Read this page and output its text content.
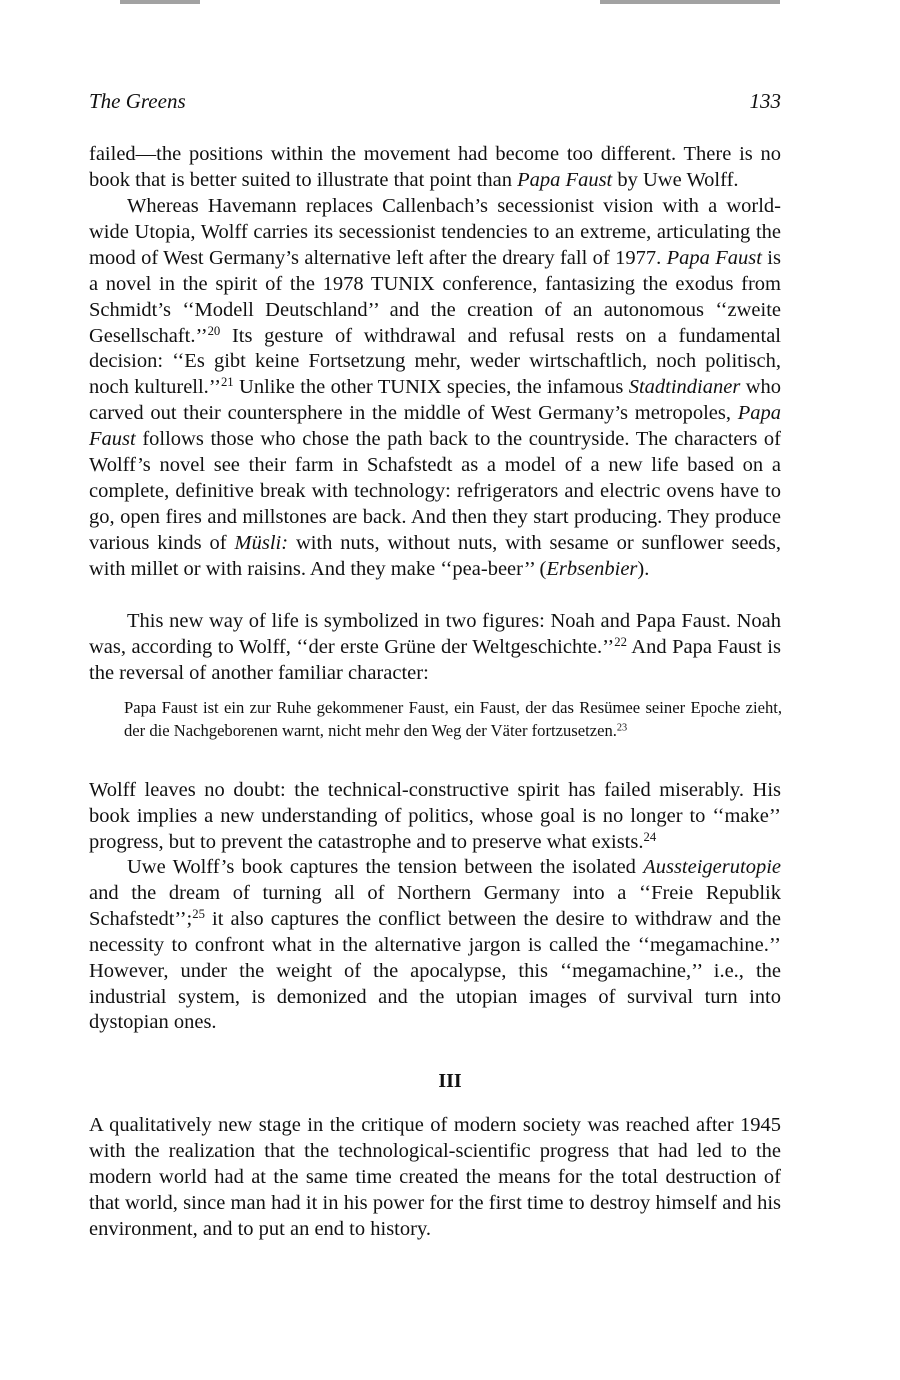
The Greens	133

failed—the positions within the movement had become too different. There is no book that is better suited to illustrate that point than Papa Faust by Uwe Wolff.

Whereas Havemann replaces Callenbach’s secessionist vision with a world-wide Utopia, Wolff carries its secessionist tendencies to an extreme, articulating the mood of West Germany’s alternative left after the dreary fall of 1977. Papa Faust is a novel in the spirit of the 1978 TUNIX conference, fantasizing the exodus from Schmidt’s ‘‘Modell Deutschland’’ and the creation of an autonomous ‘‘zweite Gesellschaft.’’$^{20}$ Its gesture of withdrawal and refusal rests on a fundamental decision: ‘‘Es gibt keine Fortsetzung mehr, weder wirtschaftlich, noch politisch, noch kulturell.’’$^{21}$ Unlike the other TUNIX species, the infamous Stadtindianer who carved out their countersphere in the middle of West Germany’s metropoles, Papa Faust follows those who chose the path back to the countryside. The characters of Wolff’s novel see their farm in Schafstedt as a model of a new life based on a complete, definitive break with technology: refrigerators and electric ovens have to go, open fires and millstones are back. And then they start producing. They produce various kinds of Müsli: with nuts, without nuts, with sesame or sunflower seeds, with millet or with raisins. And they make ‘‘pea-beer’’ (Erbsenbier).

This new way of life is symbolized in two figures: Noah and Papa Faust. Noah was, according to Wolff, ‘‘der erste Grüne der Weltgeschichte.’’$^{22}$ And Papa Faust is the reversal of another familiar character:

Papa Faust ist ein zur Ruhe gekommener Faust, ein Faust, der das Resümee seiner Epoche zieht, der die Nachgeborenen warnt, nicht mehr den Weg der Väter fortzusetzen.$^{23}$

Wolff leaves no doubt: the technical-constructive spirit has failed miserably. His book implies a new understanding of politics, whose goal is no longer to ‘‘make’’ progress, but to prevent the catastrophe and to preserve what exists.$^{24}$

Uwe Wolff’s book captures the tension between the isolated Aussteigerutopie and the dream of turning all of Northern Germany into a ‘‘Freie Republik Schafstedt’’;$^{25}$ it also captures the conflict between the desire to withdraw and the necessity to confront what in the alternative jargon is called the ‘‘megamachine.’’ However, under the weight of the apocalypse, this ‘‘megamachine,’’ i.e., the industrial system, is demonized and the utopian images of survival turn into dystopian ones.

III

A qualitatively new stage in the critique of modern society was reached after 1945 with the realization that the technological-scientific progress that had led to the modern world had at the same time created the means for the total destruction of that world, since man had it in his power for the first time to destroy himself and his environment, and to put an end to history.
